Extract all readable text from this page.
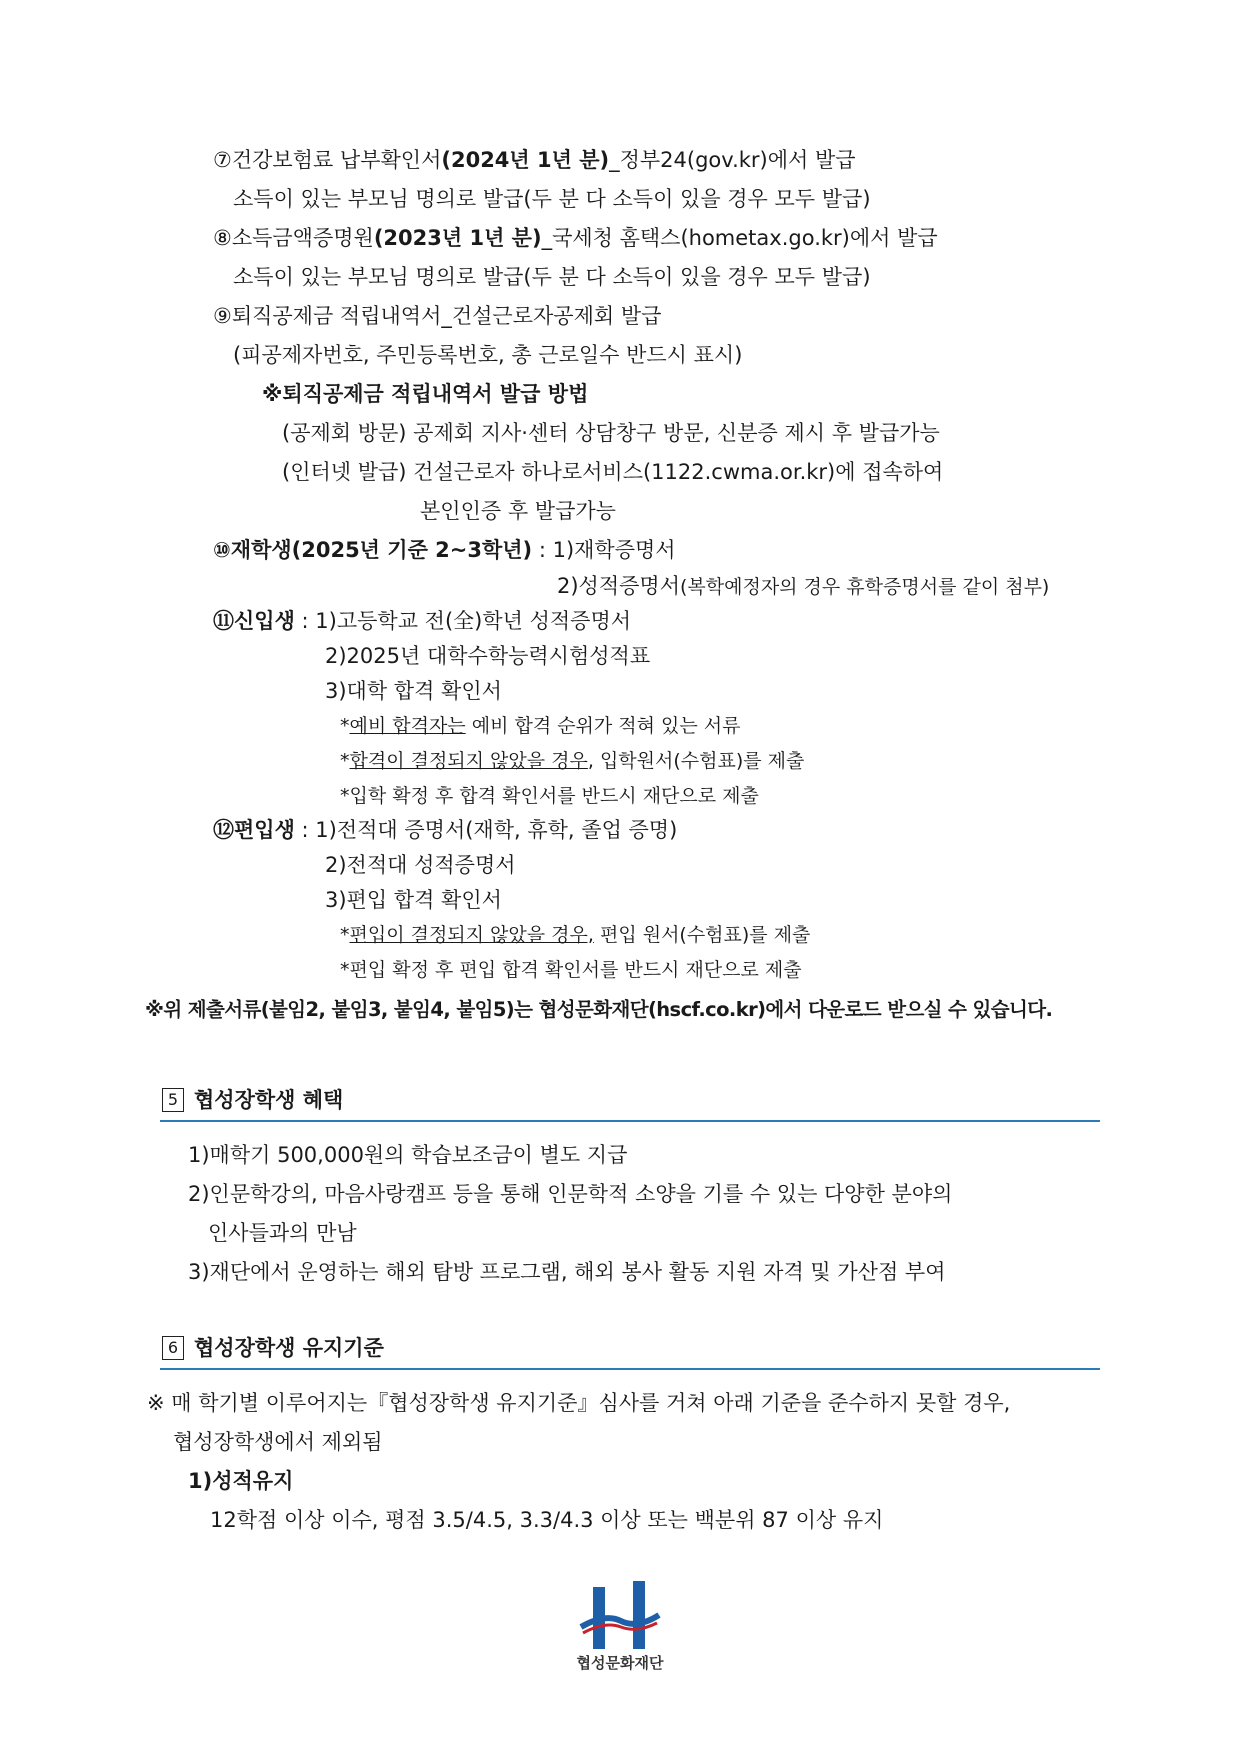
⑦건강보험료 납부확인서(2024년 1년 분)_정부24(gov.kr)에서 발급
소득이 있는 부모님 명의로 발급(두 분 다 소득이 있을 경우 모두 발급)
⑧소득금액증명원(2023년 1년 분)_국세청 홈택스(hometax.go.kr)에서 발급
소득이 있는 부모님 명의로 발급(두 분 다 소득이 있을 경우 모두 발급)
⑨퇴직공제금 적립내역서_건설근로자공제회 발급
(피공제자번호, 주민등록번호, 총 근로일수 반드시 표시)
※퇴직공제금 적립내역서 발급 방법
(공제회 방문) 공제회 지사·센터 상담창구 방문, 신분증 제시 후 발급가능
(인터넷 발급) 건설근로자 하나로서비스(1122.cwma.or.kr)에 접속하여
본인인증 후 발급가능
⑩재학생(2025년 기준 2~3학년) : 1)재학증명서
2)성적증명서(복학예정자의 경우 휴학증명서를 같이 첨부)
⑪신입생 : 1)고등학교 전(全)학년 성적증명서
2)2025년 대학수학능력시험성적표
3)대학 합격 확인서
*예비 합격자는 예비 합격 순위가 적혀 있는 서류
*합격이 결정되지 않았을 경우, 입학원서(수험표)를 제출
*입학 확정 후 합격 확인서를 반드시 재단으로 제출
⑫편입생 : 1)전적대 증명서(재학, 휴학, 졸업 증명)
2)전적대 성적증명서
3)편입 합격 확인서
*편입이 결정되지 않았을 경우, 편입 원서(수험표)를 제출
*편입 확정 후 편입 합격 확인서를 반드시 재단으로 제출
※위 제출서류(붙임2, 붙임3, 붙임4, 붙임5)는 협성문화재단(hscf.co.kr)에서 다운로드 받으실 수 있습니다.
5 협성장학생 혜택
1)매학기 500,000원의 학습보조금이 별도 지급
2)인문학강의, 마음사랑캠프 등을 통해 인문학적 소양을 기를 수 있는 다양한 분야의
인사들과의 만남
3)재단에서 운영하는 해외 탐방 프로그램, 해외 봉사 활동 지원 자격 및 가산점 부여
6 협성장학생 유지기준
※ 매 학기별 이루어지는『협성장학생 유지기준』심사를 거쳐 아래 기준을 준수하지 못할 경우,
협성장학생에서 제외됨
1)성적유지
12학점 이상 이수, 평점 3.5/4.5, 3.3/4.3 이상 또는 백분위 87 이상 유지
협성문화재단
